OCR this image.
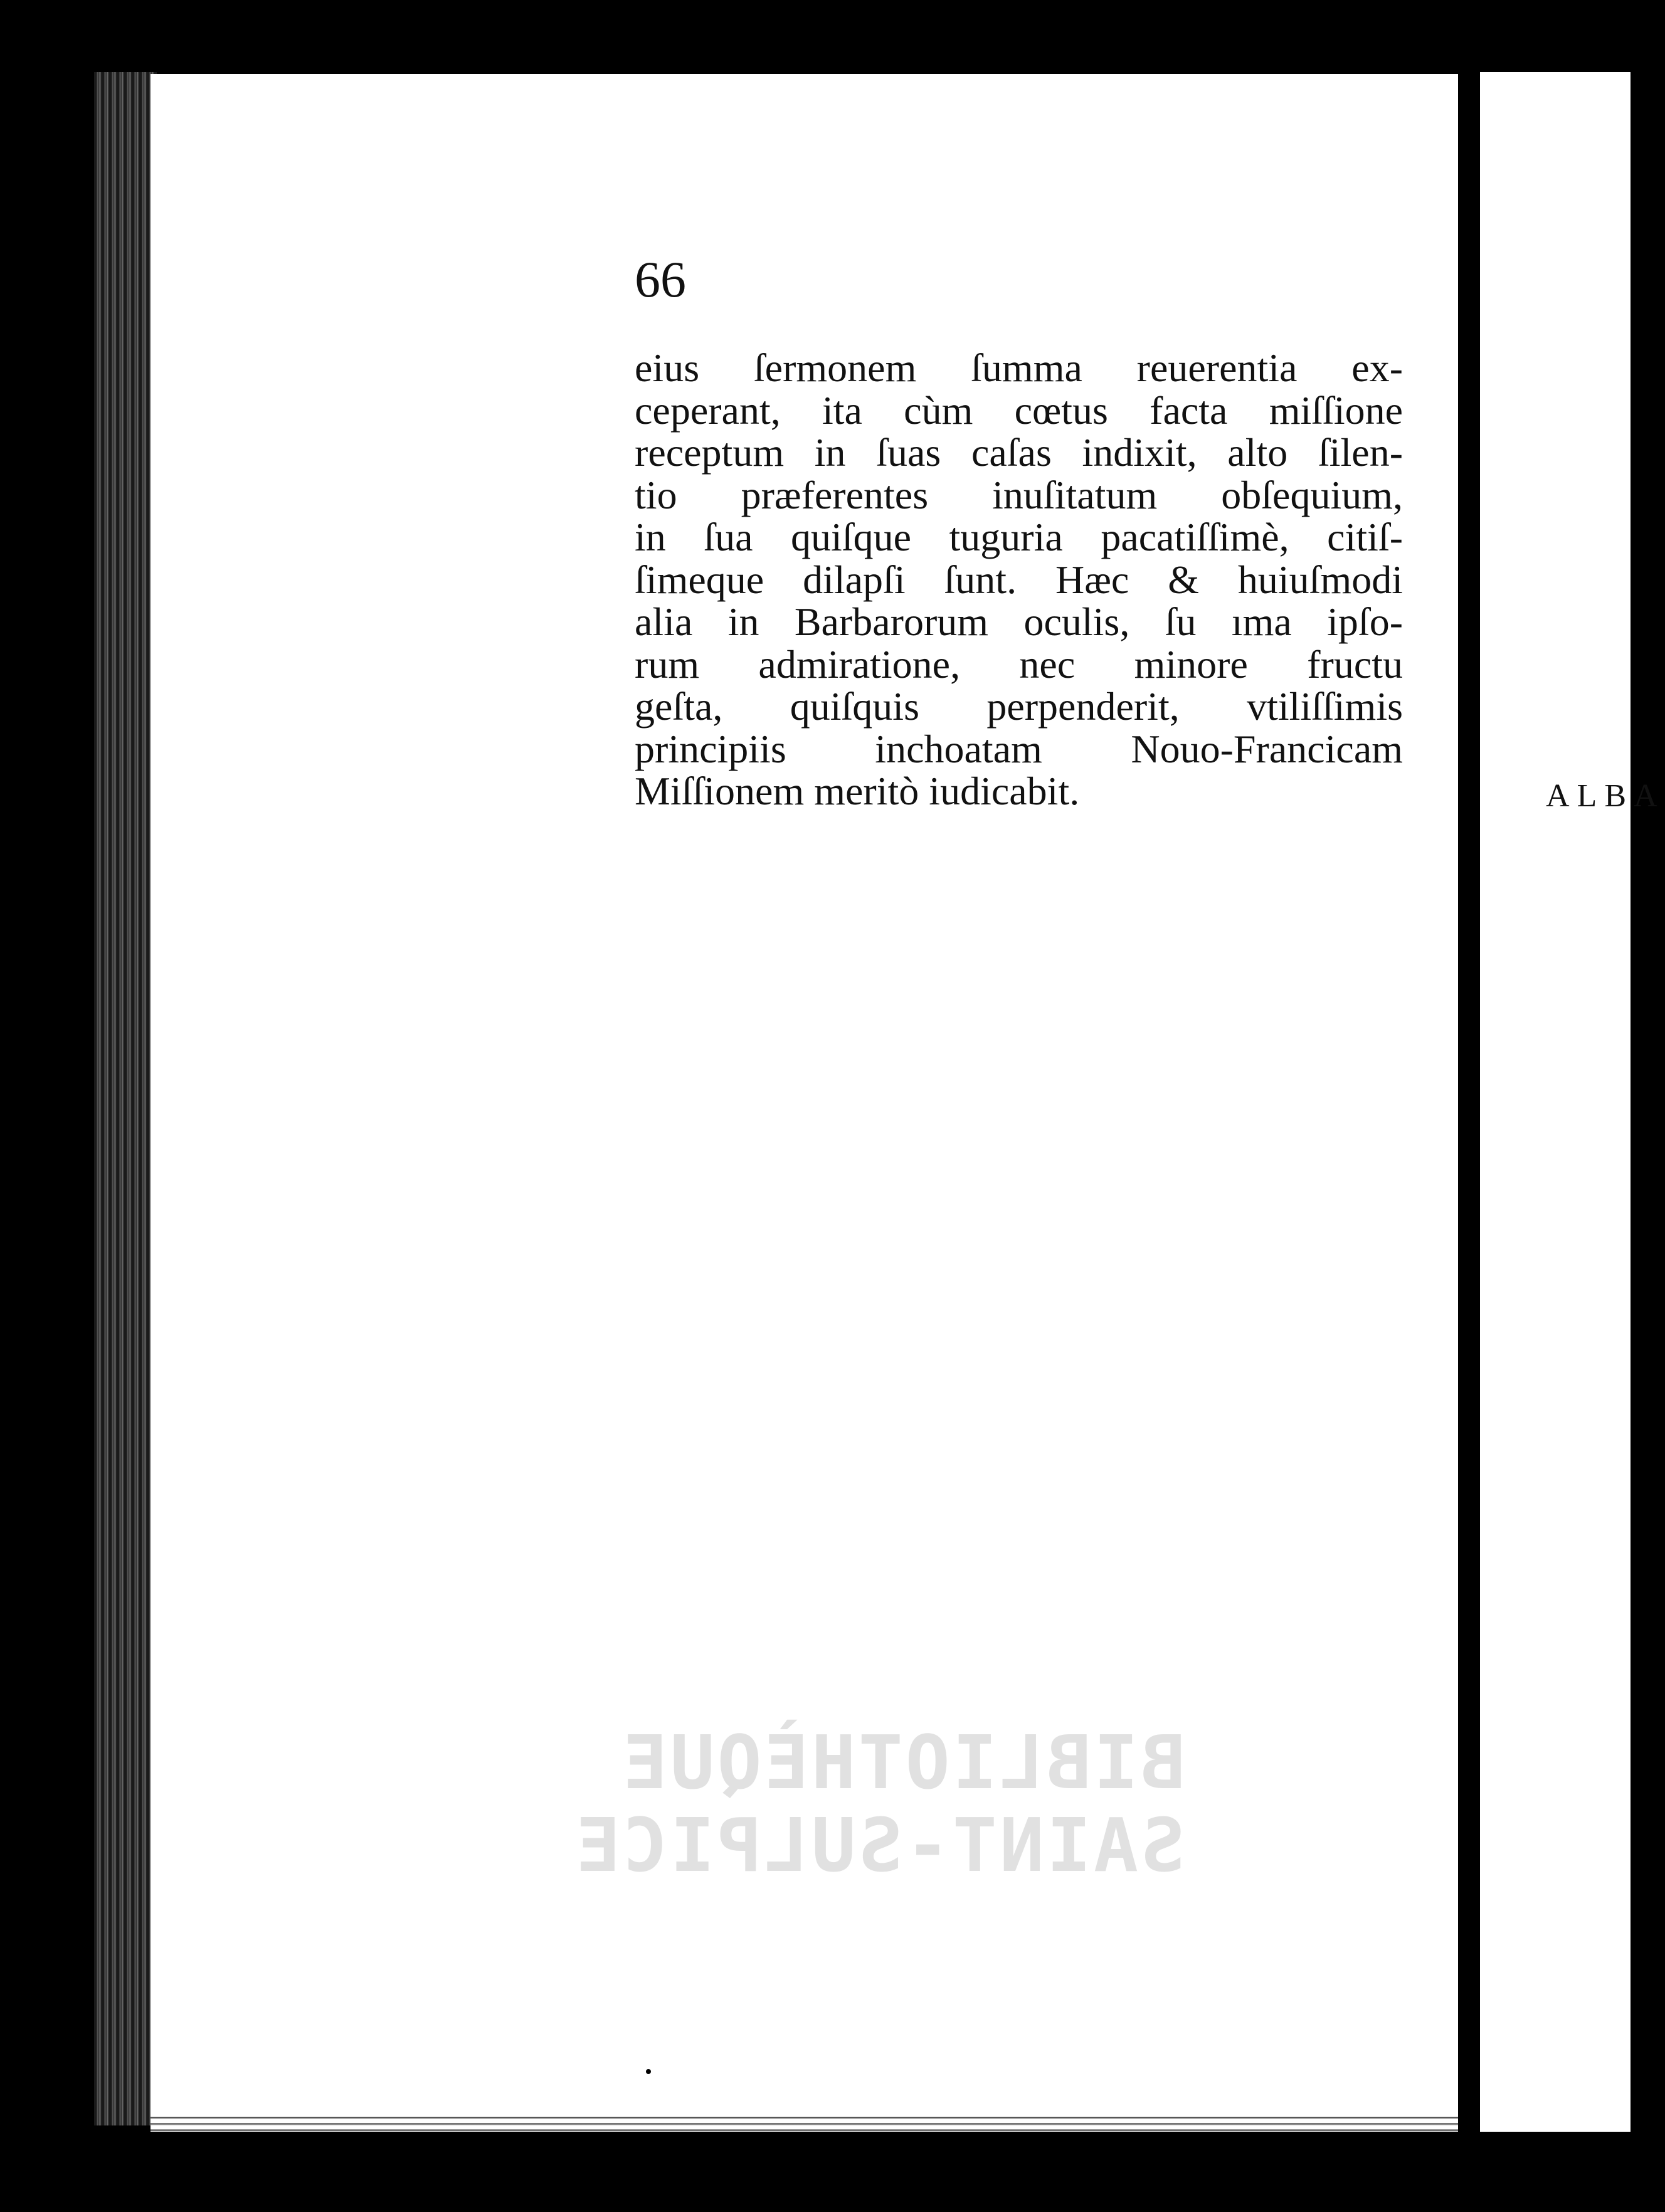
66

eius ſermonem ſumma reuerentia ex-
ceperant, ita cùm cœtus facta miſſione
receptum in ſuas caſas indixit, alto ſilen-
tio præferentes inuſitatum obſequium,
in ſua quiſque tuguria pacatiſſimè, citiſ-
ſimeque dilapſi ſunt. Hæc & huiuſmodi
alia in Barbarorum oculis, ſu ıma ipſo-
rum admiratione, nec minore fructu
geſta, quiſquis perpenderit, vtiliſſimis
principiis inchoatam Nouo-Francicam
Miſſionem meritò iudicabit.
BIBLIOTHÈQUE
SAINT-SULPICE
ALBA
